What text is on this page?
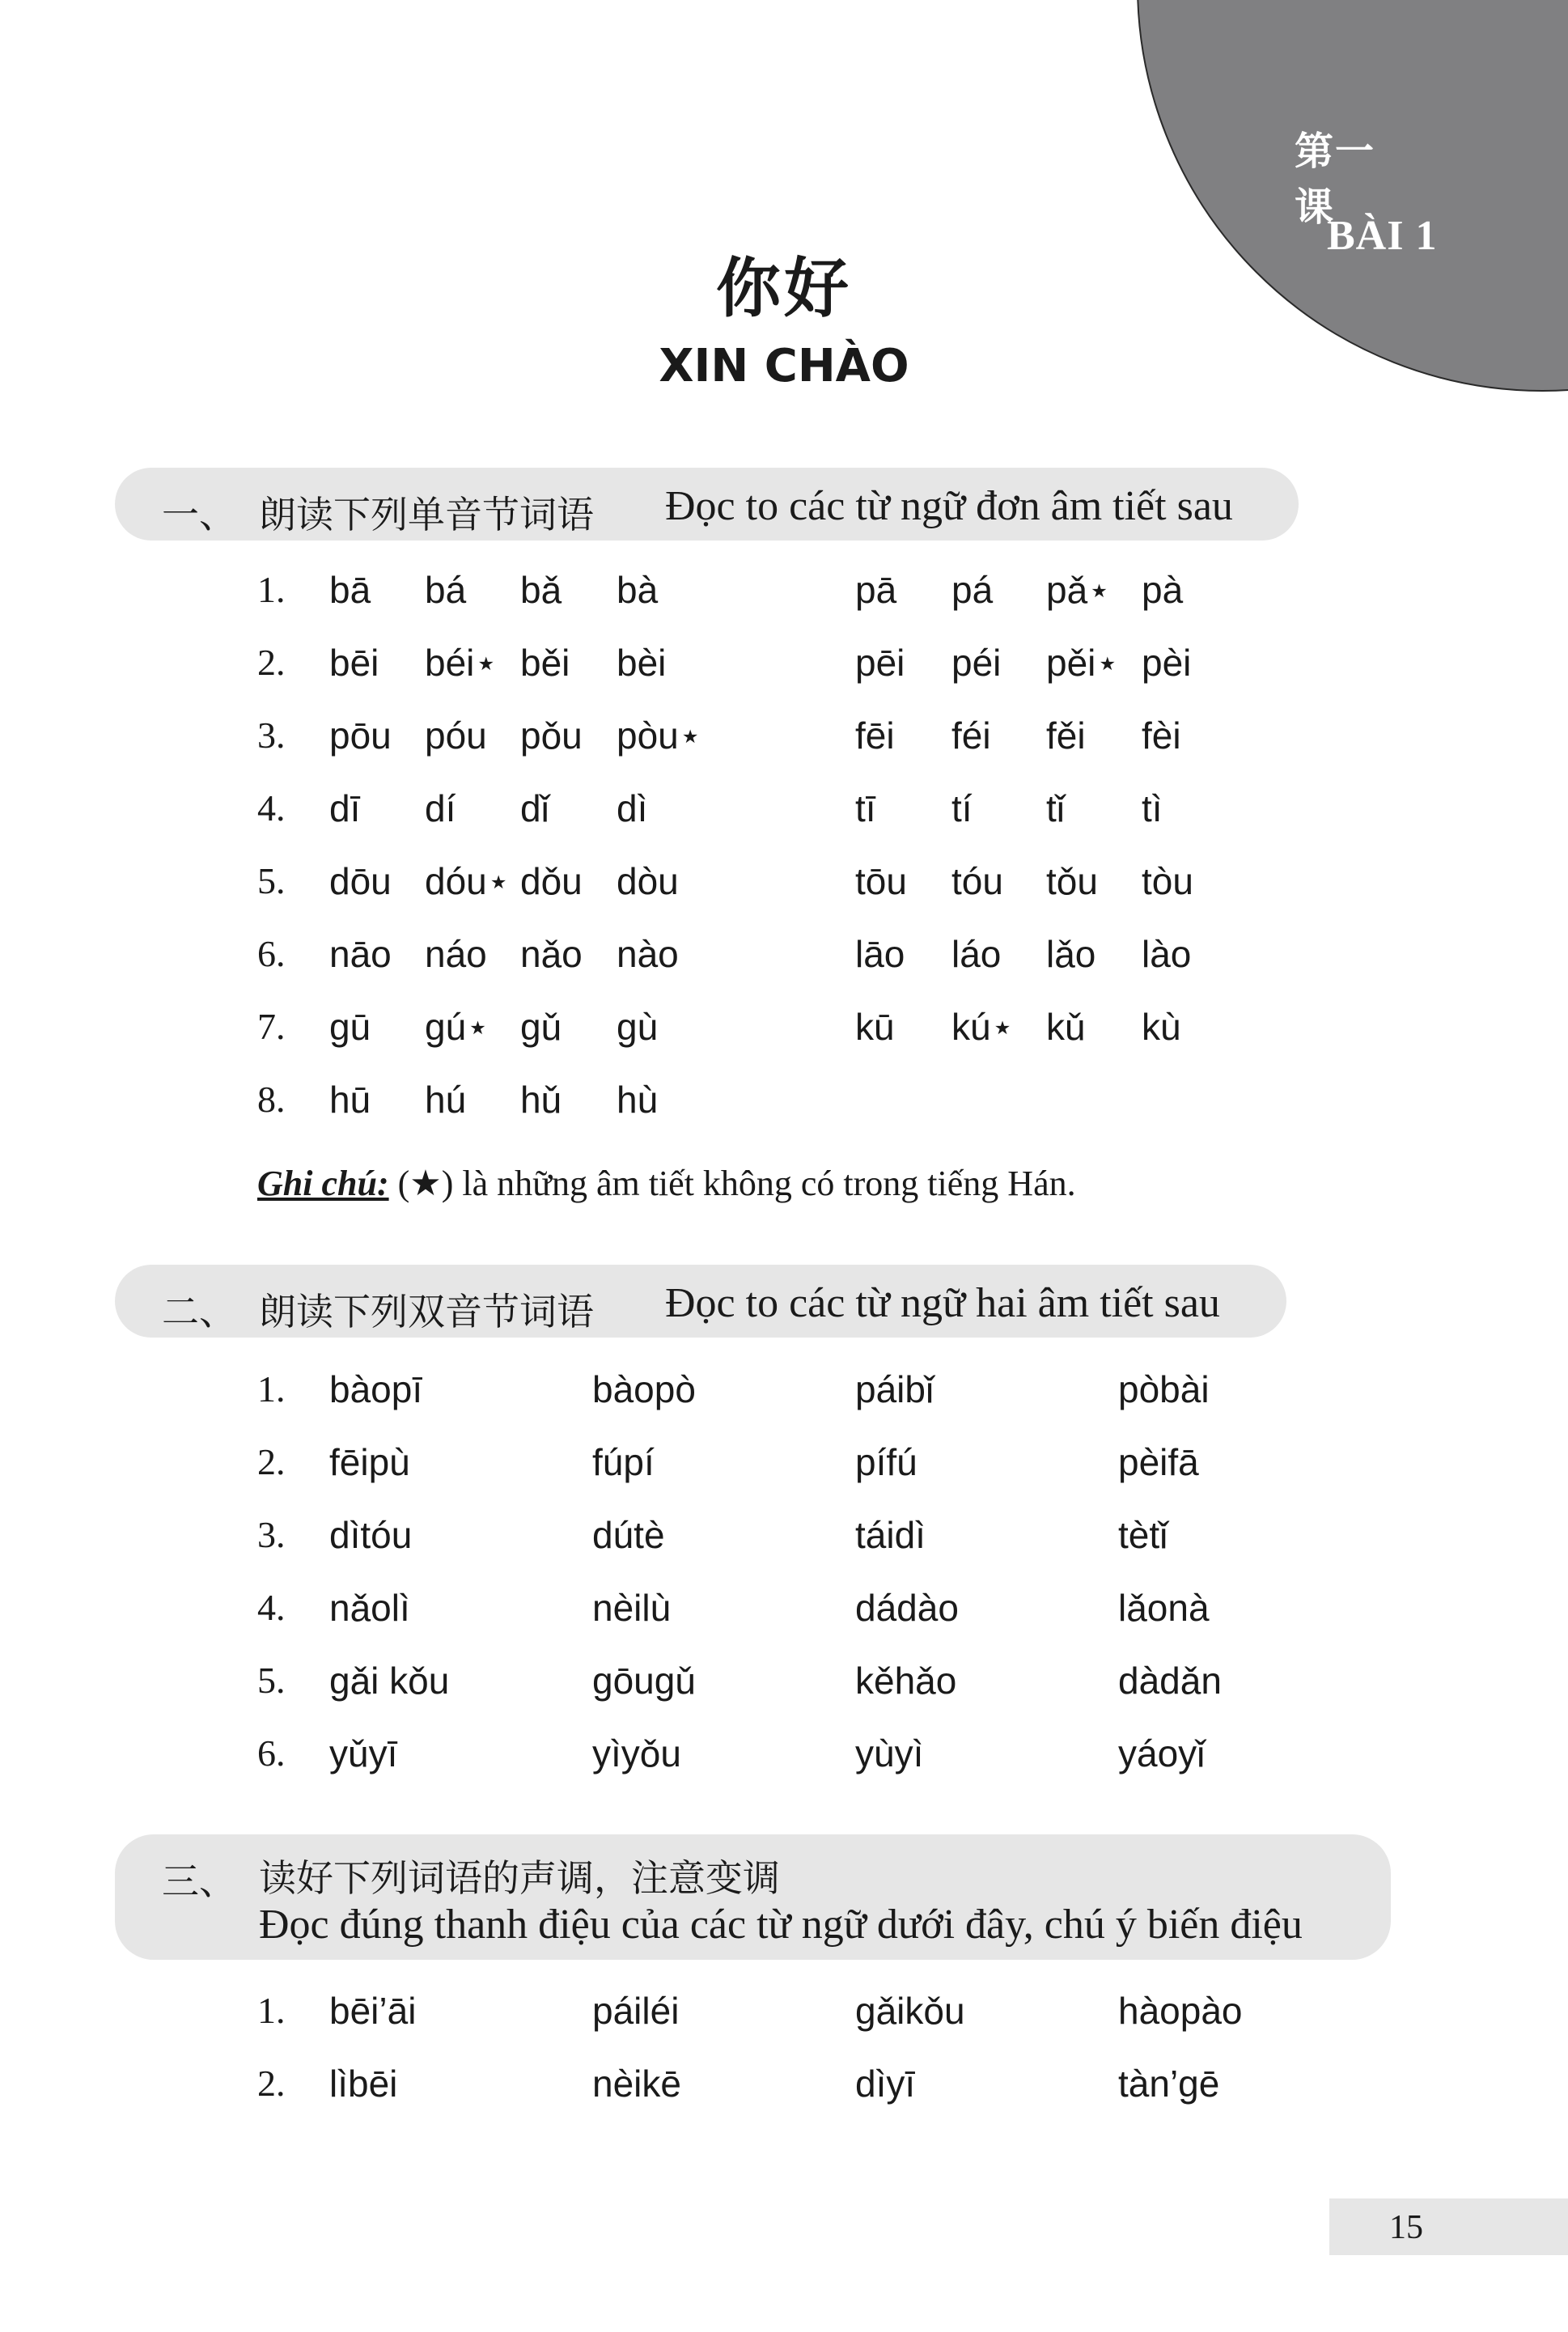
第一课
BÀI 1
你好
XIN CHÀO
一、 朗读下列单音节词语 Đọc to các từ ngữ đơn âm tiết sau
1. bā bá bǎ bà	pā pá pǎ⋆ pà
2. bēi béi⋆ běi bèi	pēi péi pěi⋆ pèi
3. pōu póu pǒu pòu⋆	fēi féi fěi fèi
4. dī dí dǐ dì	tī tí tǐ tì
5. dōu dóu⋆ dǒu dòu	tōu tóu tǒu tòu
6. nāo náo nǎo nào	lāo láo lǎo lào
7. gū gú⋆ gǔ gù	kū kú⋆ kǔ kù
8. hū hú hǔ hù
Ghi chú: (★) là những âm tiết không có trong tiếng Hán.
二、 朗读下列双音节词语 Đọc to các từ ngữ hai âm tiết sau
1. bàopī	bàopò	páibǐ	pòbài
2. fēipù	fúpí	pífú	pèifā
3. dìtóu	dútè	táidì	tètǐ
4. nǎolì	nèilù	dádào	lǎonà
5. gǎi kǒu	gōugǔ	kěhǎo	dàdǎn
6. yǔyī	yìyǒu	yùyì	yáoyǐ
三、 读好下列词语的声调，注意变调
Đọc đúng thanh điệu của các từ ngữ dưới đây, chú ý biến điệu
1. bēi’āi	páiléi	gǎikǒu	hàopào
2. lìbēi	nèikē	dìyī	tàn’gē
15
